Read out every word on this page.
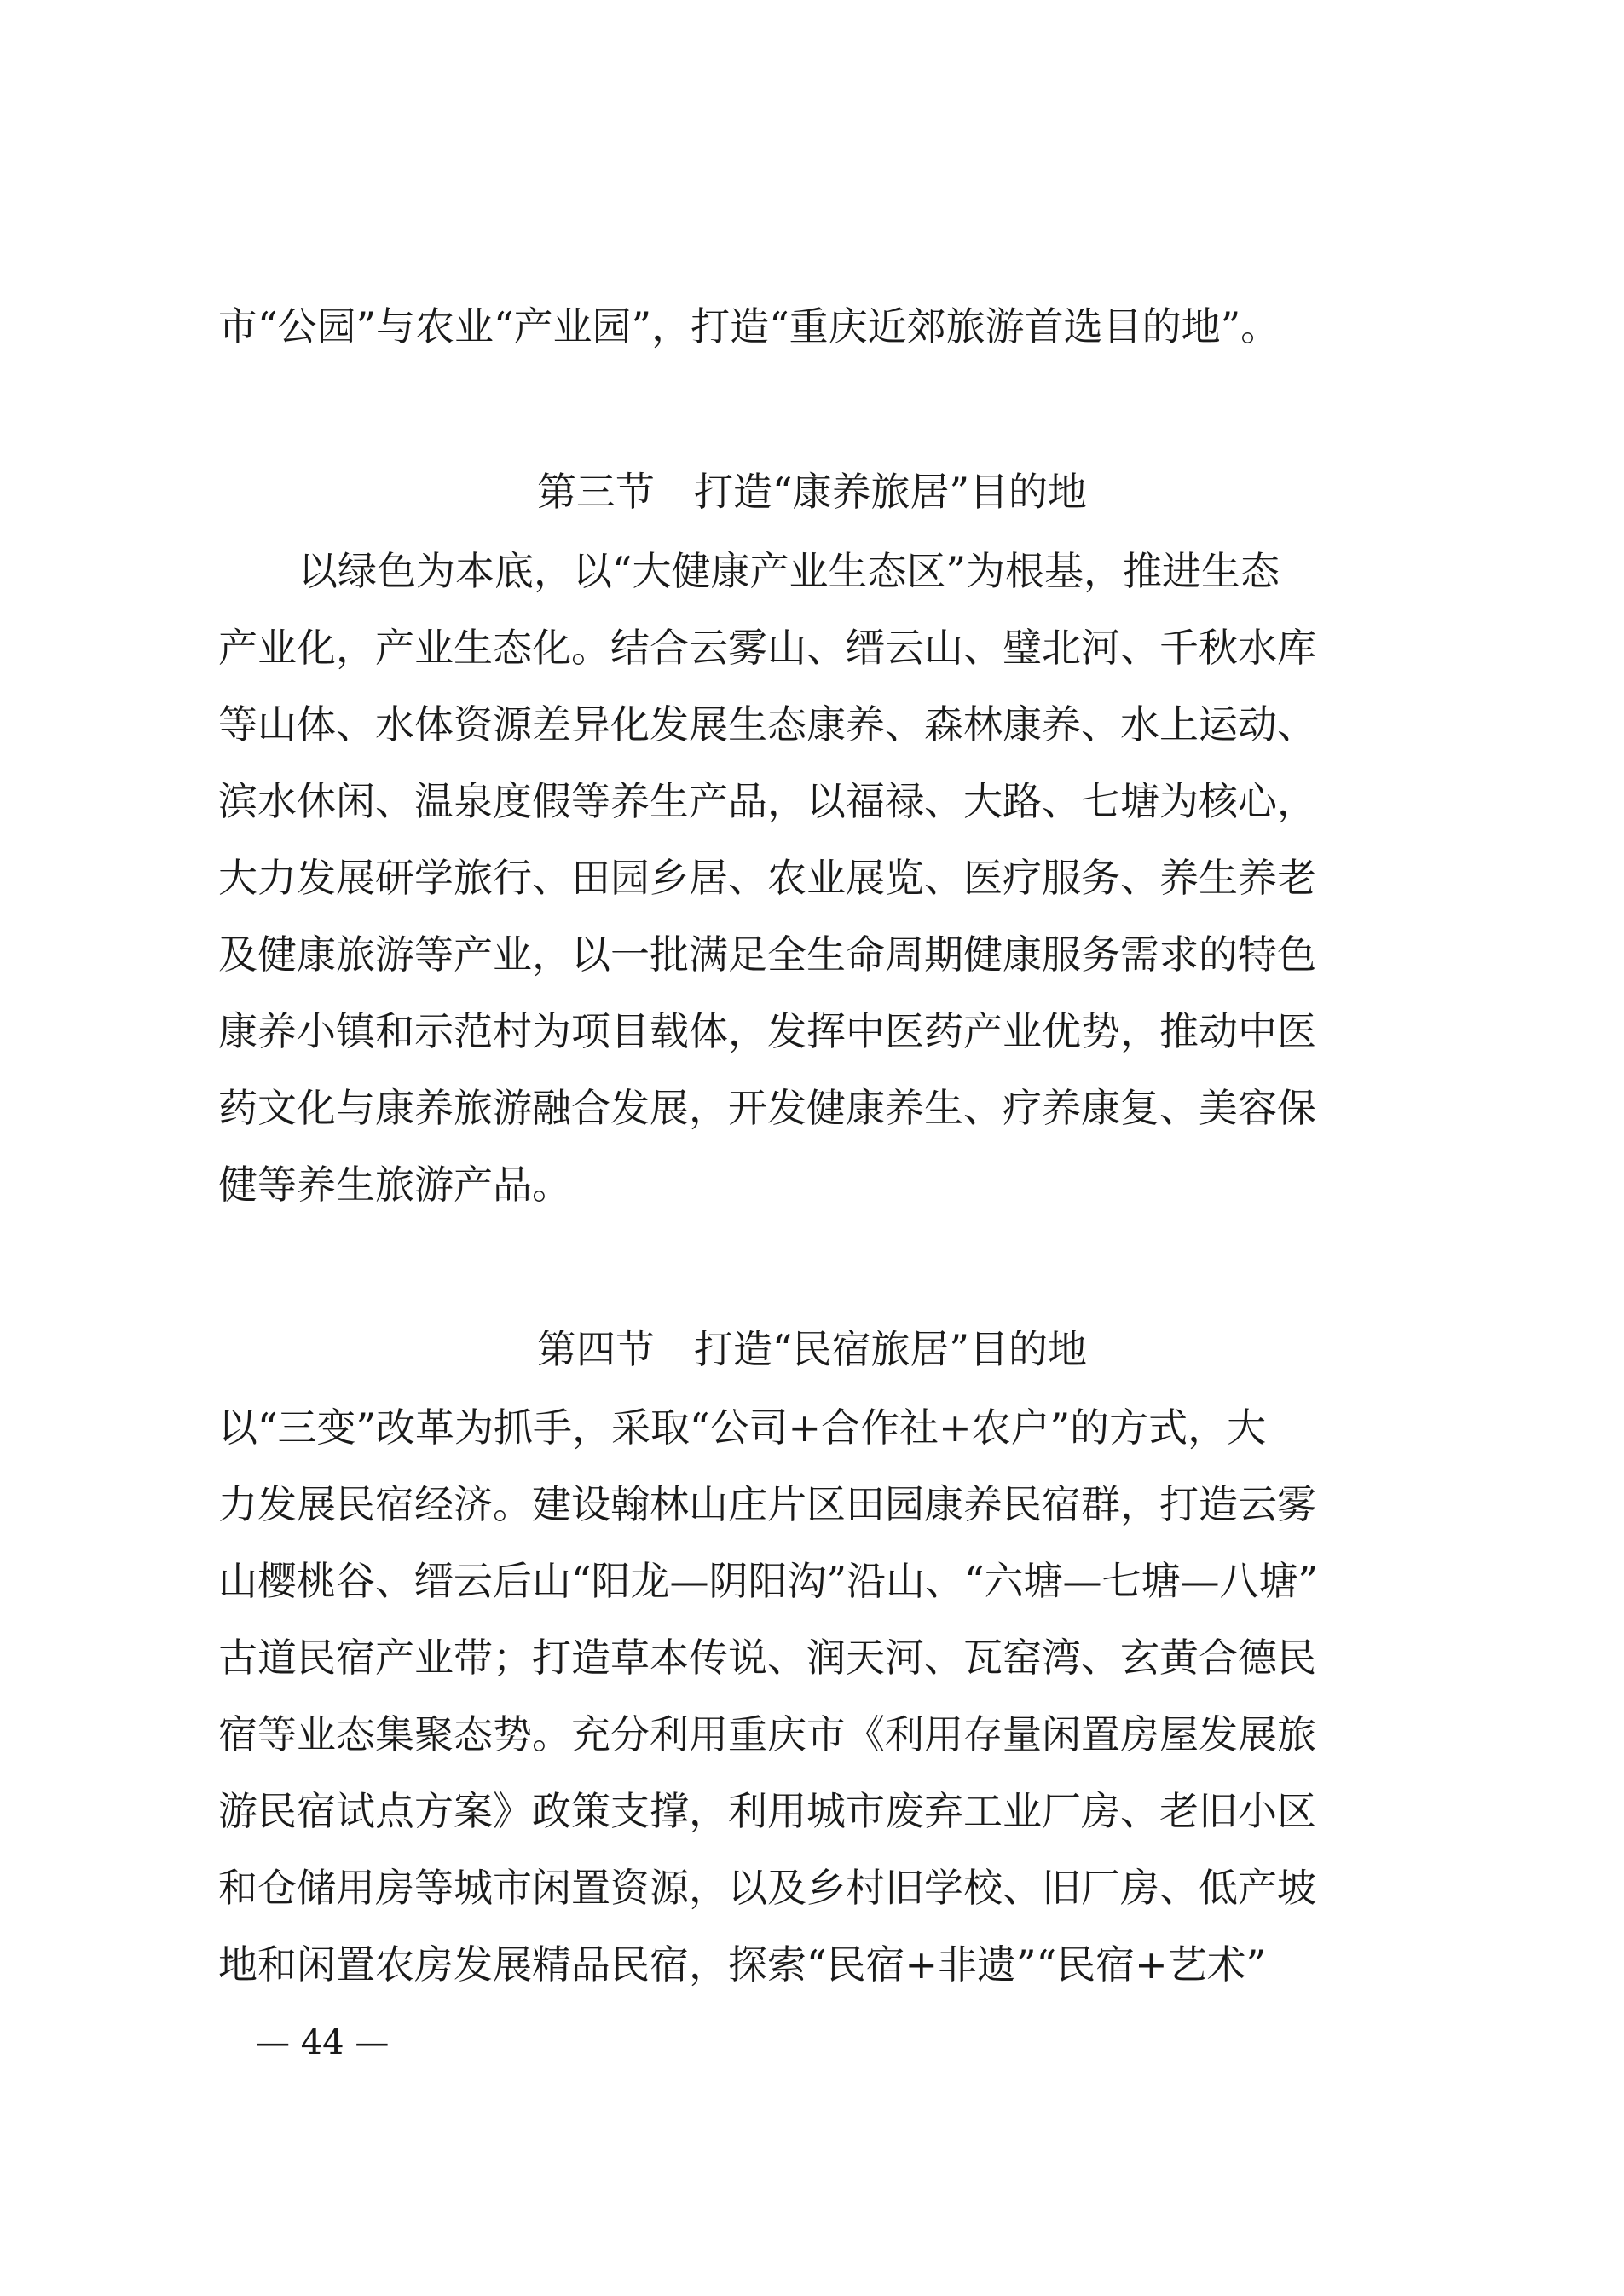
市“公园”与农业“产业园”，打造“重庆近郊旅游首选目的地”。

第三节　打造“康养旅居”目的地

以绿色为本底，以“大健康产业生态区”为根基，推进生态

产业化，产业生态化。结合云雾山、缙云山、璧北河、千秋水库

等山体、水体资源差异化发展生态康养、森林康养、水上运动、

滨水休闲、温泉度假等养生产品，以福禄、大路、七塘为核心，

大力发展研学旅行、田园乡居、农业展览、医疗服务、养生养老

及健康旅游等产业，以一批满足全生命周期健康服务需求的特色

康养小镇和示范村为项目载体，发挥中医药产业优势，推动中医

药文化与康养旅游融合发展，开发健康养生、疗养康复、美容保

健等养生旅游产品。

第四节　打造“民宿旅居”目的地

以“三变”改革为抓手，采取“公司+合作社+农户”的方式，大

力发展民宿经济。建设翰林山庄片区田园康养民宿群，打造云雾

山樱桃谷、缙云后山“阳龙—阴阳沟”沿山、“六塘—七塘—八塘”

古道民宿产业带；打造草本传说、润天河、瓦窑湾、玄黄合德民

宿等业态集聚态势。充分利用重庆市《利用存量闲置房屋发展旅

游民宿试点方案》政策支撑，利用城市废弃工业厂房、老旧小区

和仓储用房等城市闲置资源，以及乡村旧学校、旧厂房、低产坡

地和闲置农房发展精品民宿，探索“民宿+非遗”“民宿+艺术”

— 44 —
